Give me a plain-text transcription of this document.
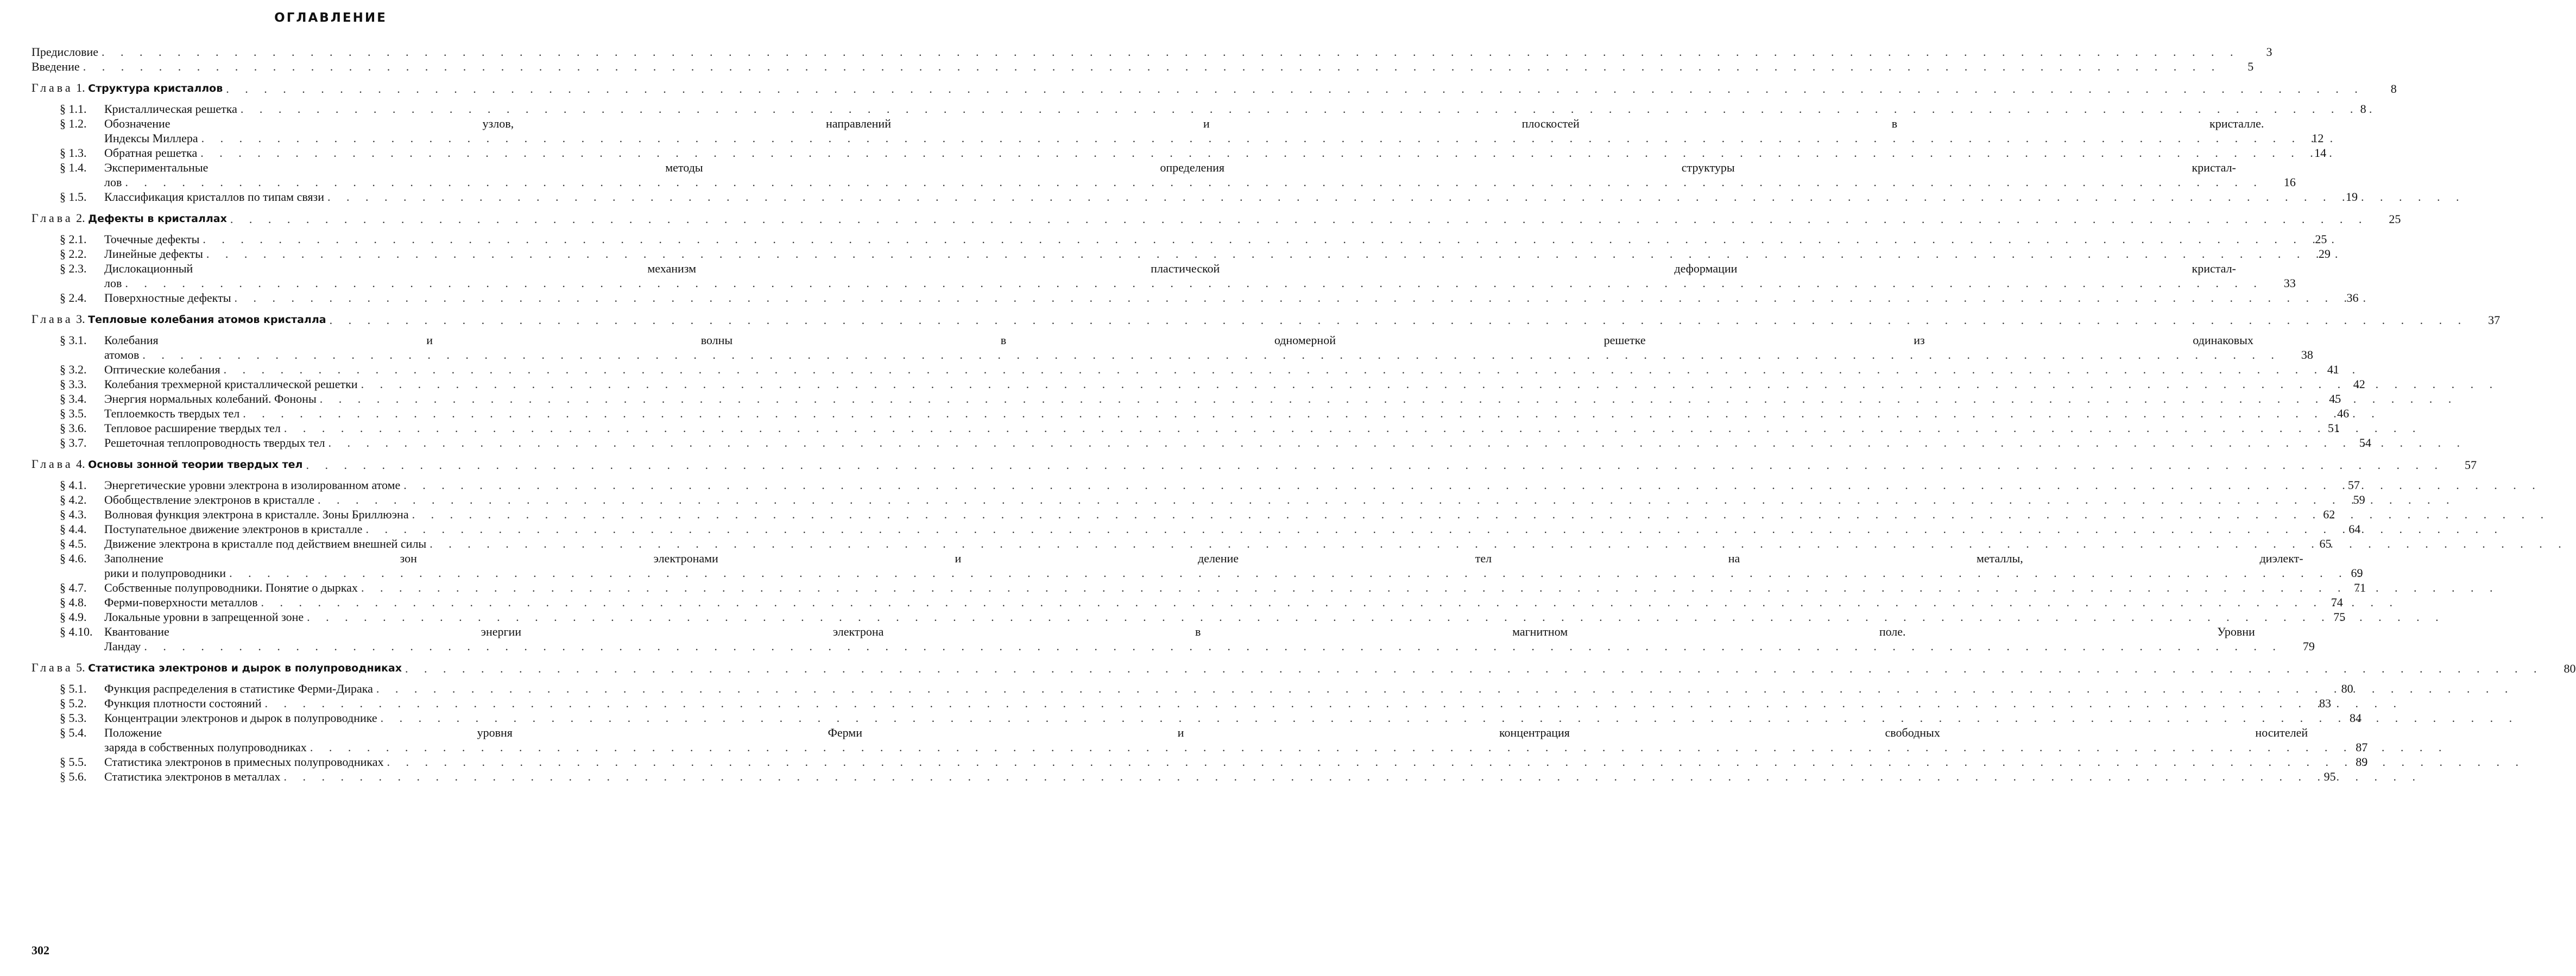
ОГЛАВЛЕНИЕ
Предисловие . . .	3
Введение . . .	5
Глава 1. Структура кристаллов . . .	8
§ 1.1.	Кристаллическая решетка . . .	8
§ 1.2.	Обозначение узлов, направлений и плоскостей в кристалле.
Индексы Миллера . . .	12
§ 1.3.	Обратная решетка . . .	14
§ 1.4.	Экспериментальные методы определения структуры кристал-
лов . . .	16
§ 1.5.	Классификация кристаллов по типам связи . . .	19
Глава 2. Дефекты в кристаллах . . .	25
§ 2.1.	Точечные дефекты . . .	25
§ 2.2.	Линейные дефекты . . .	29
§ 2.3.	Дислокационный механизм пластической деформации кристал-
лов . . .	33
§ 2.4.	Поверхностные дефекты . . .	36
Глава 3. Тепловые колебания атомов кристалла . . .	37
§ 3.1.	Колебания и волны в одномерной решетке из одинаковых
атомов . . .	38
§ 3.2.	Оптические колебания . . .	41
§ 3.3.	Колебания трехмерной кристаллической решетки . . .	42
§ 3.4.	Энергия нормальных колебаний. Фононы . . .	45
§ 3.5.	Теплоемкость твердых тел . . .	46
§ 3.6.	Тепловое расширение твердых тел . . .	51
§ 3.7.	Решеточная теплопроводность твердых тел . . .	54
Глава 4. Основы зонной теории твердых тел . . .	57
§ 4.1.	Энергетические уровни электрона в изолированном атоме . . .	57
§ 4.2.	Обобществление электронов в кристалле . . .	59
§ 4.3.	Волновая функция электрона в кристалле. Зоны Бриллюэна . . .	62
§ 4.4.	Поступательное движение электронов в кристалле . . .	64
§ 4.5.	Движение электрона в кристалле под действием внешней силы . . .	65
§ 4.6.	Заполнение зон электронами и деление тел на металлы, диэлект-
рики и полупроводники . . .	69
§ 4.7.	Собственные полупроводники. Понятие о дырках . . .	71
§ 4.8.	Ферми-поверхности металлов . . .	74
§ 4.9.	Локальные уровни в запрещенной зоне . . .	75
§ 4.10. Квантование энергии электрона в магнитном поле. Уровни
Ландау . . .	79
Глава 5. Статистика электронов и дырок в полупроводниках . . .	80
§ 5.1.	Функция распределения в статистике Ферми-Дирака . . .	80
§ 5.2.	Функция плотности состояний . . .	83
§ 5.3.	Концентрации электронов и дырок в полупроводнике . . .	84
§ 5.4.	Положение уровня Ферми и концентрация свободных носителей
заряда в собственных полупроводниках . . .	87
§ 5.5.	Статистика электронов в примесных полупроводниках . . .	89
§ 5.6.	Статистика электронов в металлах . . .	95
302
